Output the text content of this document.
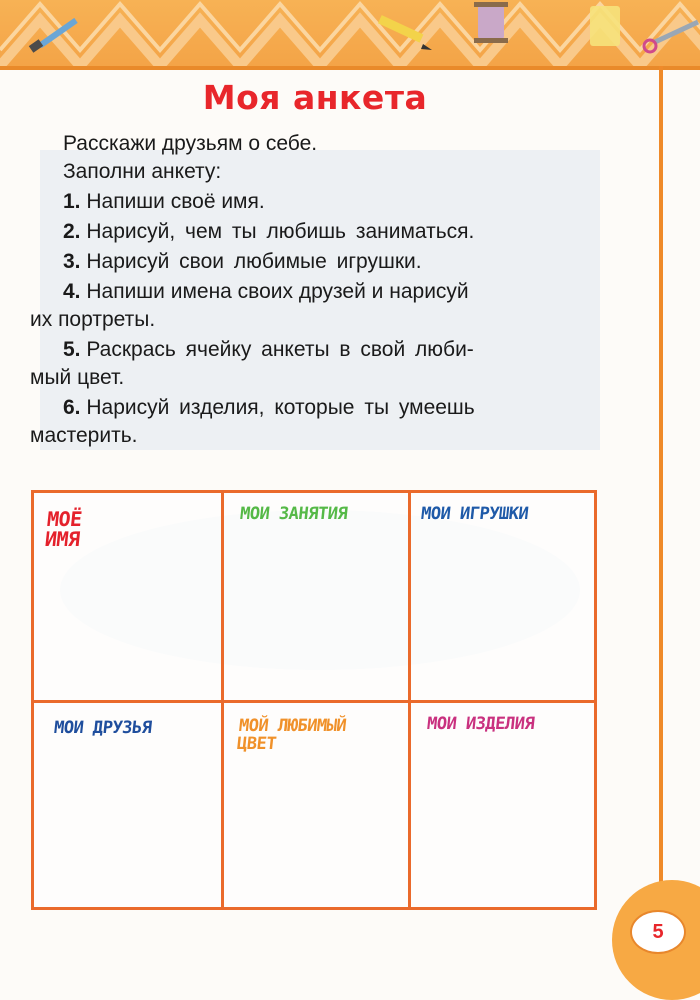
Моя анкета

Расскажи друзьям о себе.

Заполни анкету:

1. Напиши своё имя.

2. Нарисуй, чем ты любишь заниматься.

3. Нарисуй свои любимые игрушки.

4. Напиши имена своих друзей и нарисуй
их портреты.

5. Раскрась ячейку анкеты в свой люби-
мый цвет.

6. Нарисуй изделия, которые ты умеешь
мастерить.

МОЁ
ИМЯ
МОИ ЗАНЯТИЯ	МОИ ИГРУШКИ
МОИ ДРУЗЬЯ	МОЙ ЛЮБИМЫЙ
ЦВЕТ
МОИ ИЗДЕЛИЯ
5
